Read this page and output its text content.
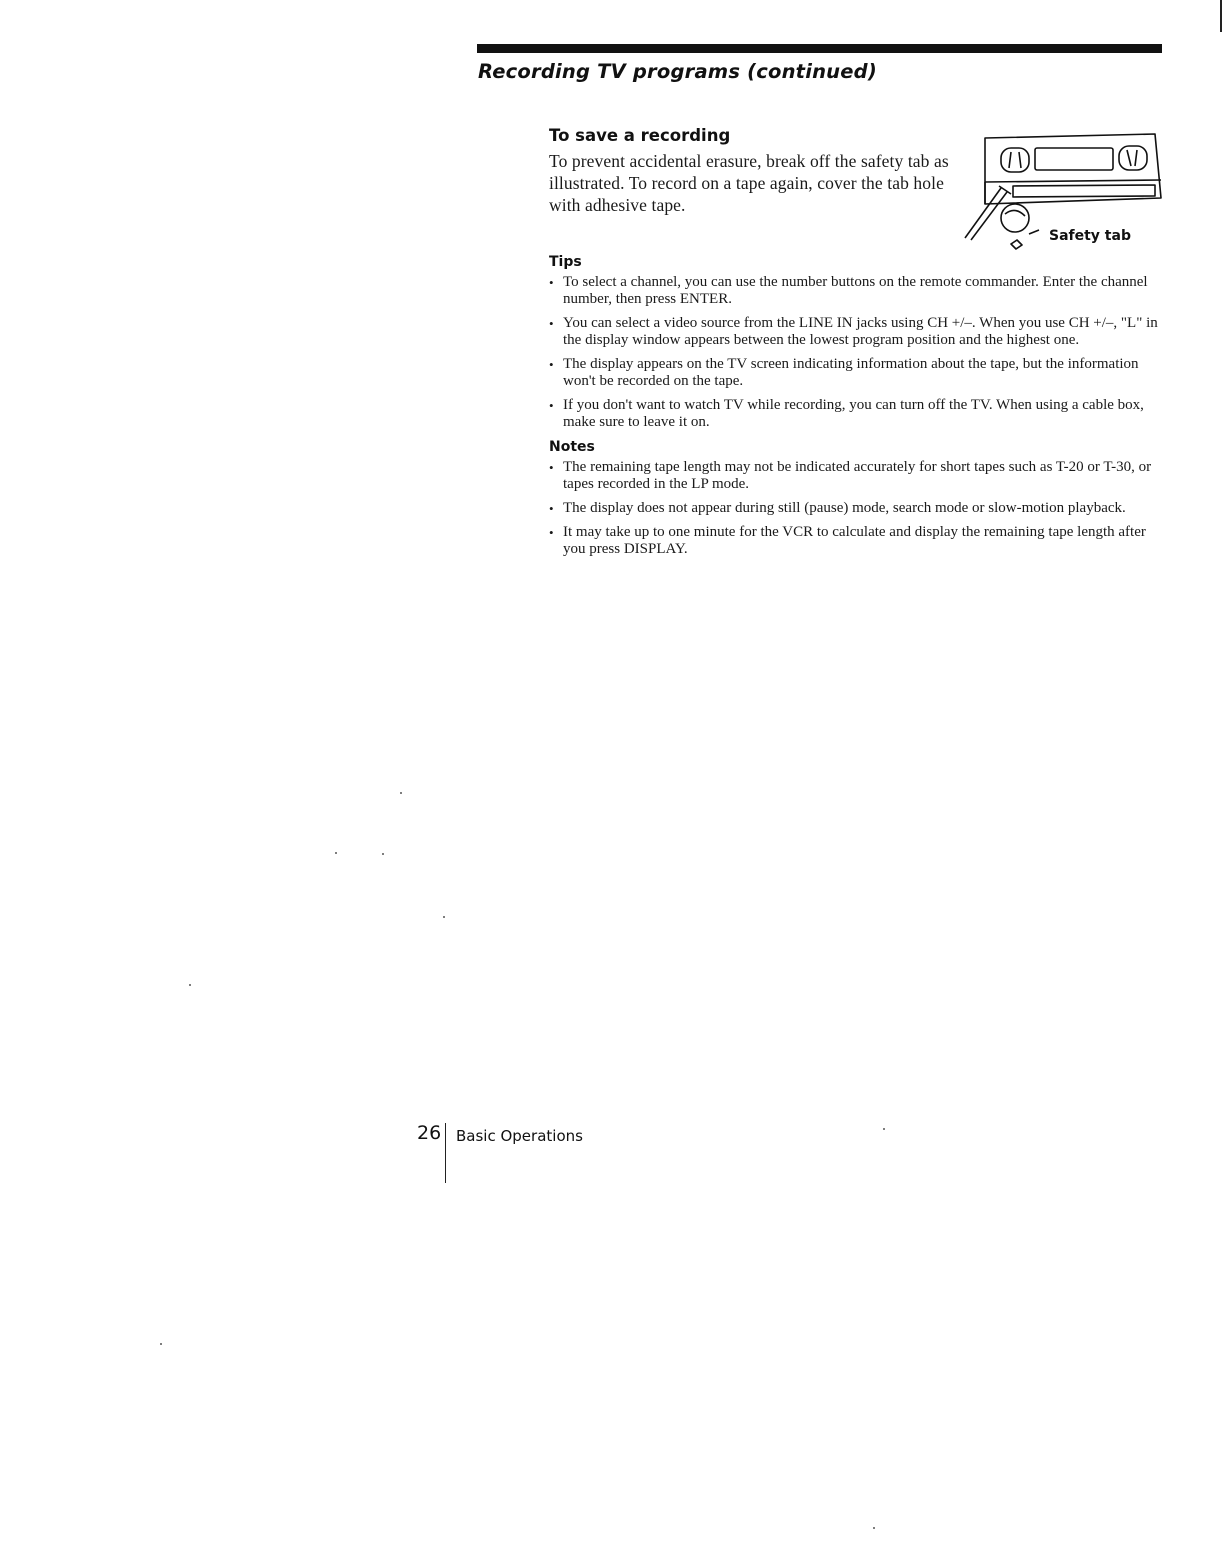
Recording TV programs (continued)
To save a recording

To prevent accidental erasure, break off the safety tab as illustrated. To record on a tape again, cover the tab hole with adhesive tape.

Tips
• To select a channel, you can use the number buttons on the remote commander. Enter the channel number, then press ENTER.
• You can select a video source from the LINE IN jacks using CH +/–. When you use CH +/–, "L" in the display window appears between the lowest program position and the highest one.
• The display appears on the TV screen indicating information about the tape, but the information won't be recorded on the tape.
• If you don't want to watch TV while recording, you can turn off the TV. When using a cable box, make sure to leave it on.
Notes
• The remaining tape length may not be indicated accurately for short tapes such as T-20 or T-30, or tapes recorded in the LP mode.
• The display does not appear during still (pause) mode, search mode or slow-motion playback.
• It may take up to one minute for the VCR to calculate and display the remaining tape length after you press DISPLAY.
Safety tab
26 Basic Operations
